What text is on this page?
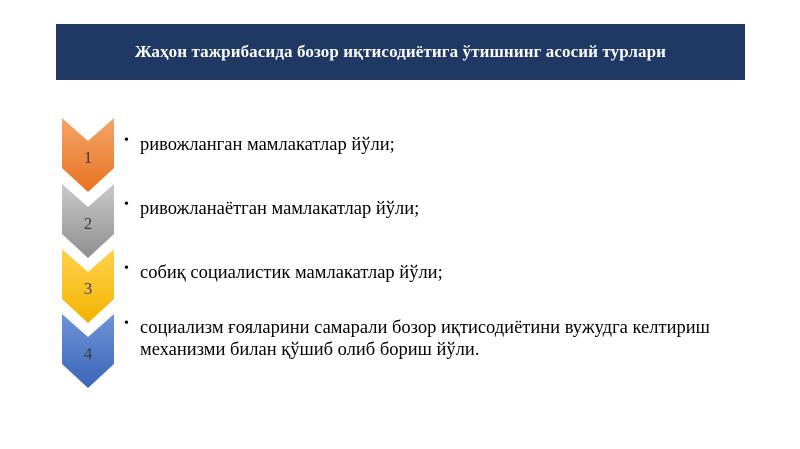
Жаҳон тажрибасида бозор иқтисодиётига ўтишнинг асосий турлари
1
2
3
4
• ривожланган мамлакатлар йўли;
• ривожланаётган мамлакатлар йўли;
• собиқ социалистик мамлакатлар йўли;
• социализм ғояларини самарали бозор иқтисодиётини вужудга келтириш механизми билан қўшиб олиб бориш йўли.
